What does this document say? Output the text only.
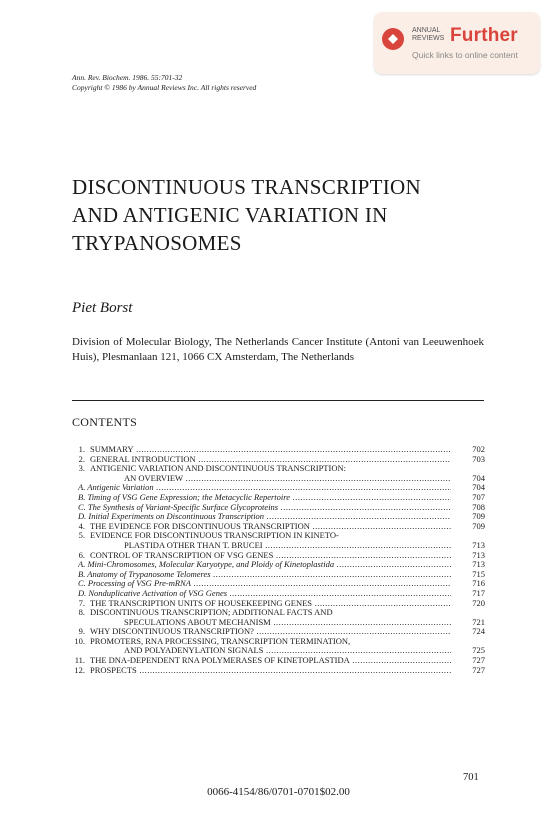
ANNUAL
REVIEWS Further
Quick links to online content
Ann. Rev. Biochem. 1986. 55:701-32
Copyright © 1986 by Annual Reviews Inc. All rights reserved
DISCONTINUOUS TRANSCRIPTION
AND ANTIGENIC VARIATION IN
TRYPANOSOMES
Piet Borst
Division of Molecular Biology, The Netherlands Cancer Institute (Antoni van Leeuwenhoek Huis), Plesmanlaan 121, 1066 CX Amsterdam, The Netherlands
CONTENTS
1. SUMMARY .....	702
2. GENERAL INTRODUCTION .....	703
3. ANTIGENIC VARIATION AND DISCONTINUOUS TRANSCRIPTION:
AN OVERVIEW .....	704
A. Antigenic Variation .....	704
B. Timing of VSG Gene Expression; the Metacyclic Repertoire .....	707
C. The Synthesis of Variant-Specific Surface Glycoproteins .....	708
D. Initial Experiments on Discontinuous Transcription .....	709
4. THE EVIDENCE FOR DISCONTINUOUS TRANSCRIPTION .....	709
5. EVIDENCE FOR DISCONTINUOUS TRANSCRIPTION IN KINETO-
PLASTIDA OTHER THAN T. BRUCEI .....	713
6. CONTROL OF TRANSCRIPTION OF VSG GENES .....	713
A. Mini-Chromosomes, Molecular Karyotype, and Ploidy of Kinetoplastida .....	713
B. Anatomy of Trypanosome Telomeres .....	715
C. Processing of VSG Pre-mRNA .....	716
D. Nonduplicative Activation of VSG Genes .....	717
7. THE TRANSCRIPTION UNITS OF HOUSEKEEPING GENES .....	720
8. DISCONTINUOUS TRANSCRIPTION; ADDITIONAL FACTS AND
SPECULATIONS ABOUT MECHANISM .....	721
9. WHY DISCONTINUOUS TRANSCRIPTION? .....	724
10. PROMOTERS, RNA PROCESSING, TRANSCRIPTION TERMINATION,
AND POLYADENYLATION SIGNALS .....	725
11. THE DNA-DEPENDENT RNA POLYMERASES OF KINETOPLASTIDA .....	727
12. PROSPECTS .....	727
701
0066-4154/86/0701-0701$02.00
